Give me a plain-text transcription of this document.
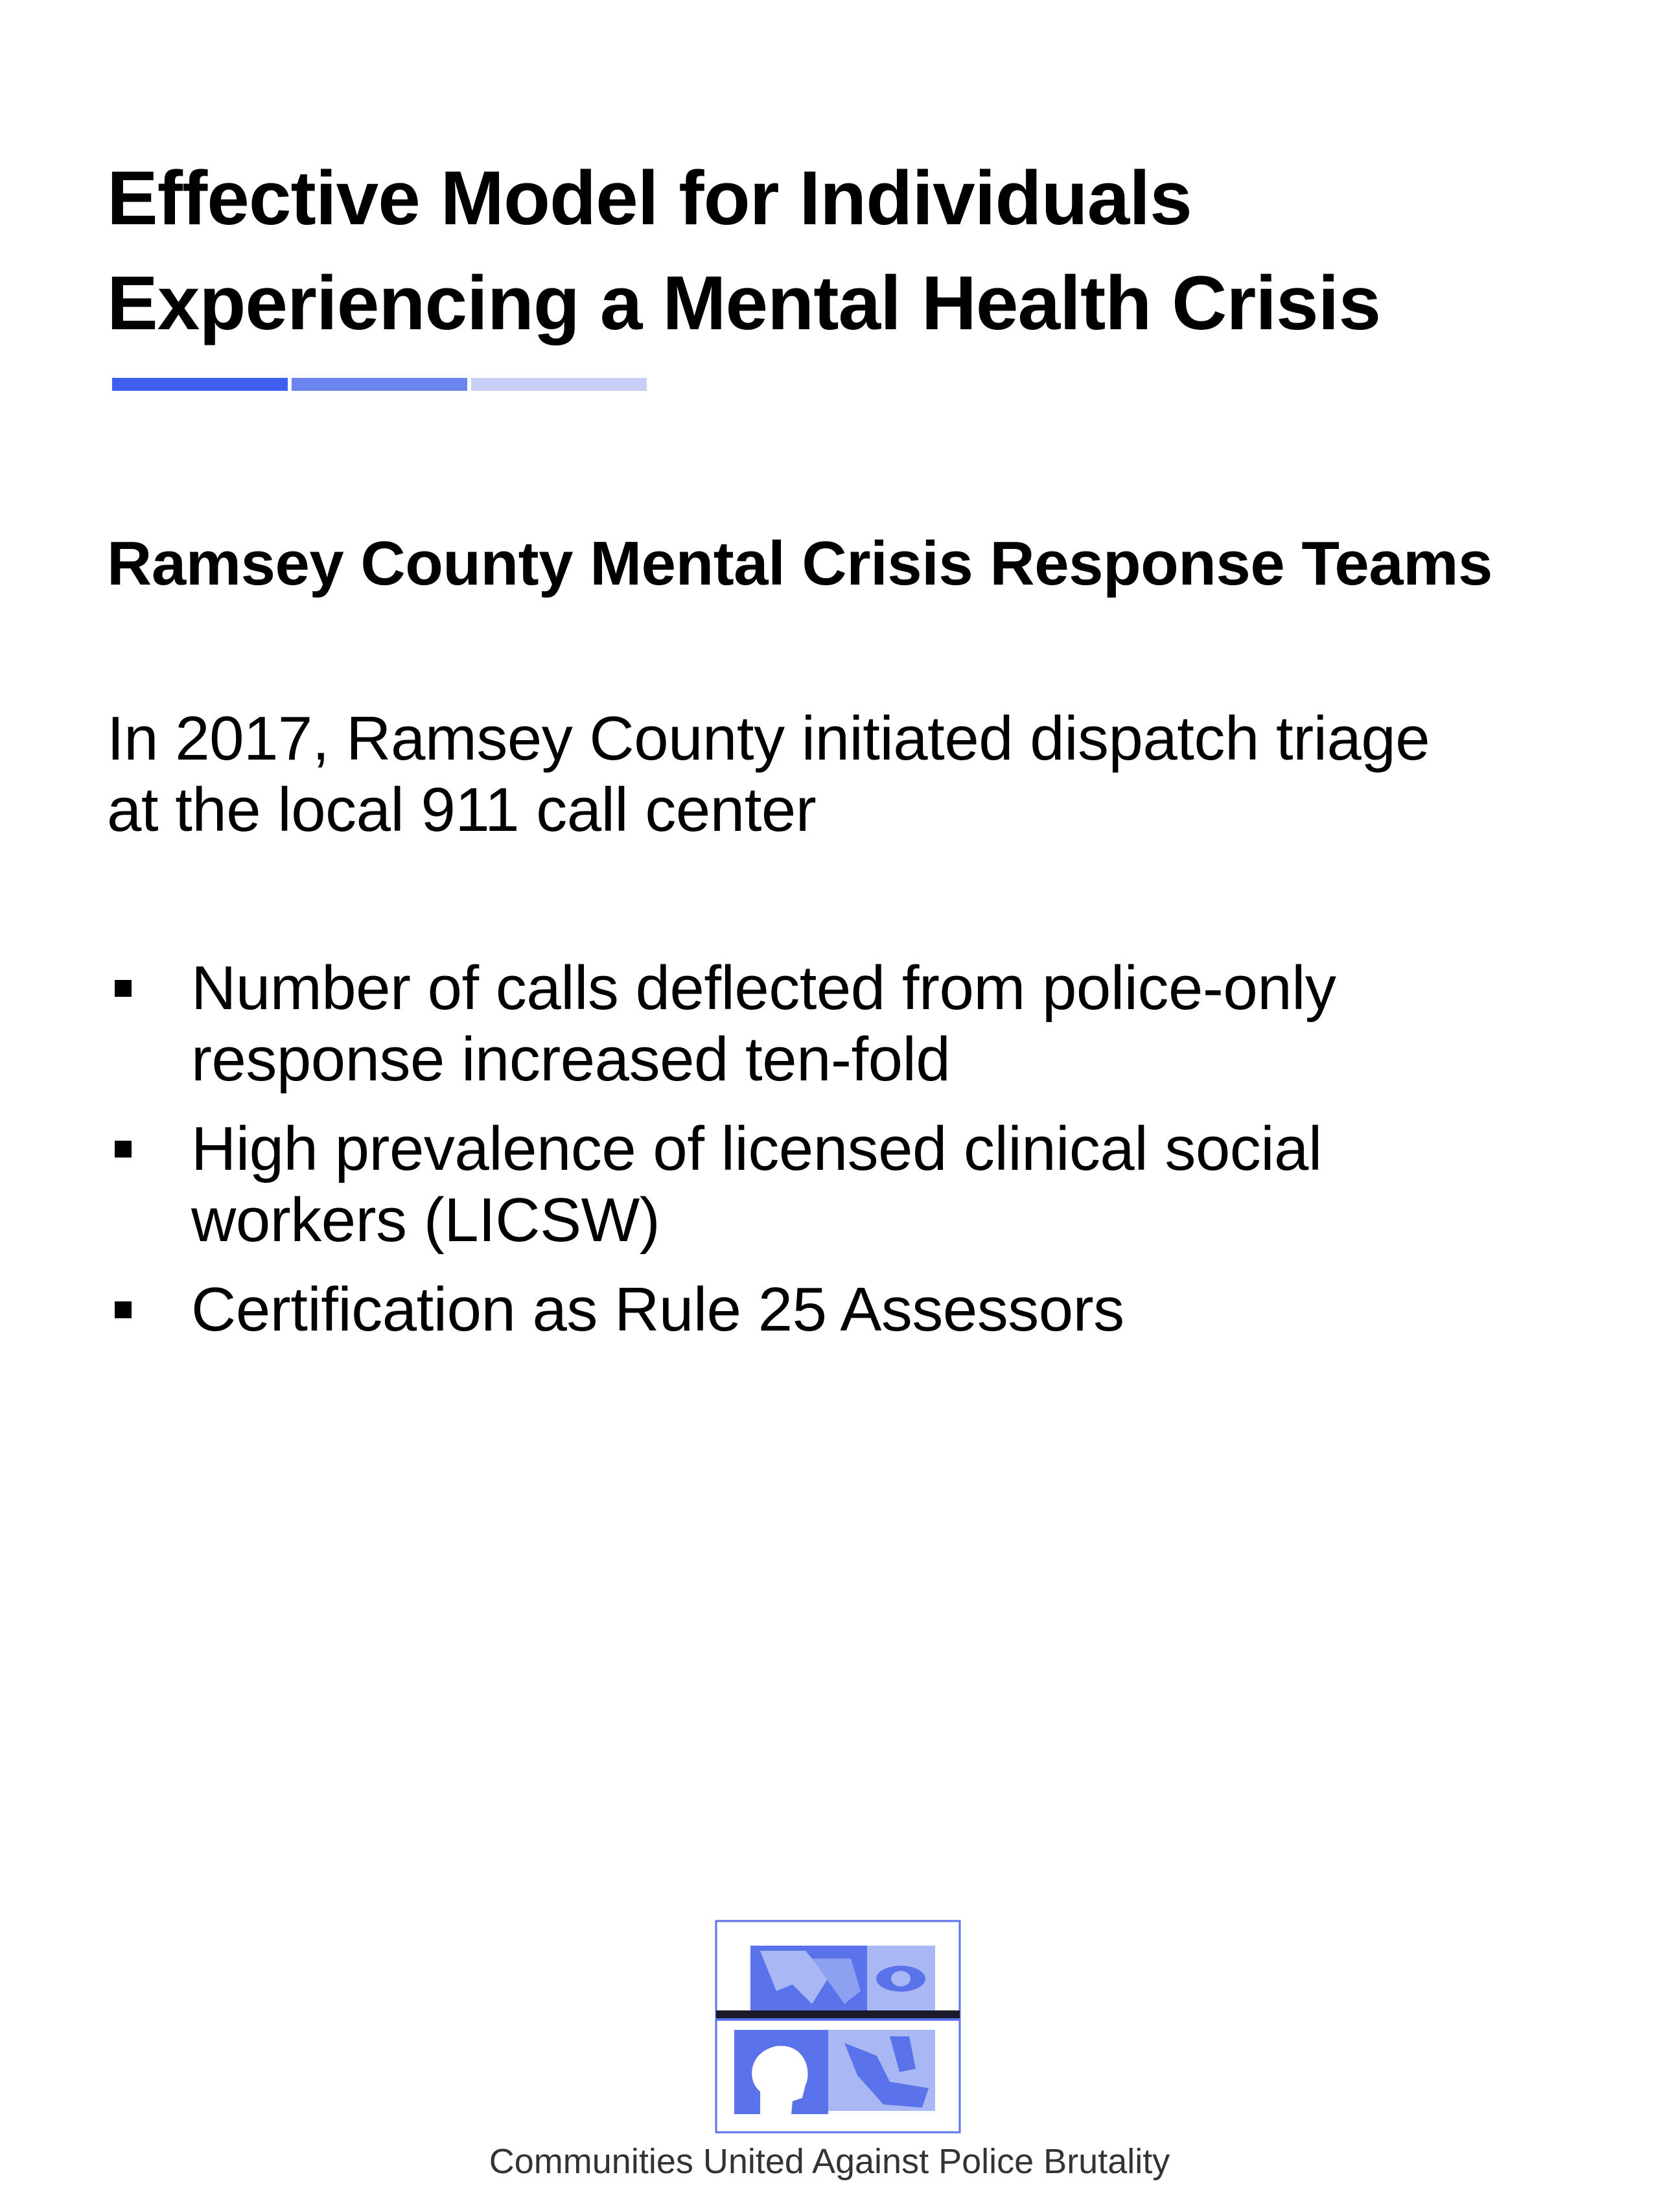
Effective Model for Individuals
Experiencing a Mental Health Crisis
Ramsey County Mental Crisis Response Teams

In 2017, Ramsey County initiated dispatch triage
at the local 911 call center

Number of calls deflected from police-only
response increased ten-fold
High prevalence of licensed clinical social
workers (LICSW)
Certification as Rule 25 Assessors
Communities United Against Police Brutality
